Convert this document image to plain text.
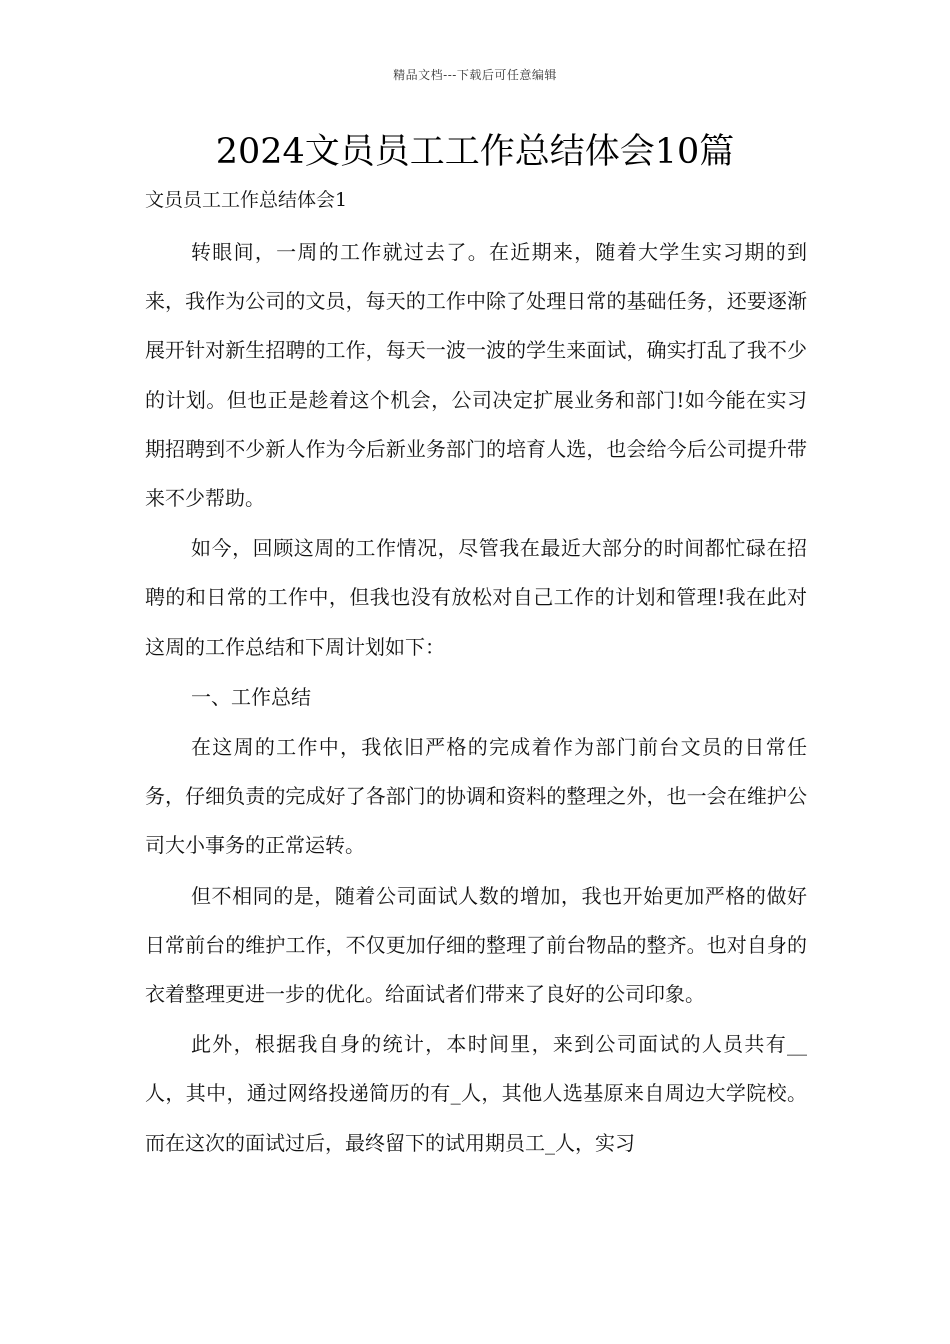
精品文档---下载后可任意编辑
2024文员员工工作总结体会10篇
文员员工工作总结体会1

转眼间，一周的工作就过去了。在近期来，随着大学生实习期的到来，我作为公司的文员，每天的工作中除了处理日常的基础任务，还要逐渐展开针对新生招聘的工作，每天一波一波的学生来面试，确实打乱了我不少的计划。但也正是趁着这个机会，公司决定扩展业务和部门!如今能在实习期招聘到不少新人作为今后新业务部门的培育人选，也会给今后公司提升带来不少帮助。

如今，回顾这周的工作情况，尽管我在最近大部分的时间都忙碌在招聘的和日常的工作中，但我也没有放松对自己工作的计划和管理!我在此对这周的工作总结和下周计划如下：

一、工作总结

在这周的工作中，我依旧严格的完成着作为部门前台文员的日常任务，仔细负责的完成好了各部门的协调和资料的整理之外，也一会在维护公司大小事务的正常运转。

但不相同的是，随着公司面试人数的增加，我也开始更加严格的做好日常前台的维护工作，不仅更加仔细的整理了前台物品的整齐。也对自身的衣着整理更进一步的优化。给面试者们带来了良好的公司印象。

此外，根据我自身的统计，本时间里，来到公司面试的人员共有__人，其中，通过网络投递简历的有_人，其他人选基原来自周边大学院校。而在这次的面试过后，最终留下的试用期员工_人，实习
